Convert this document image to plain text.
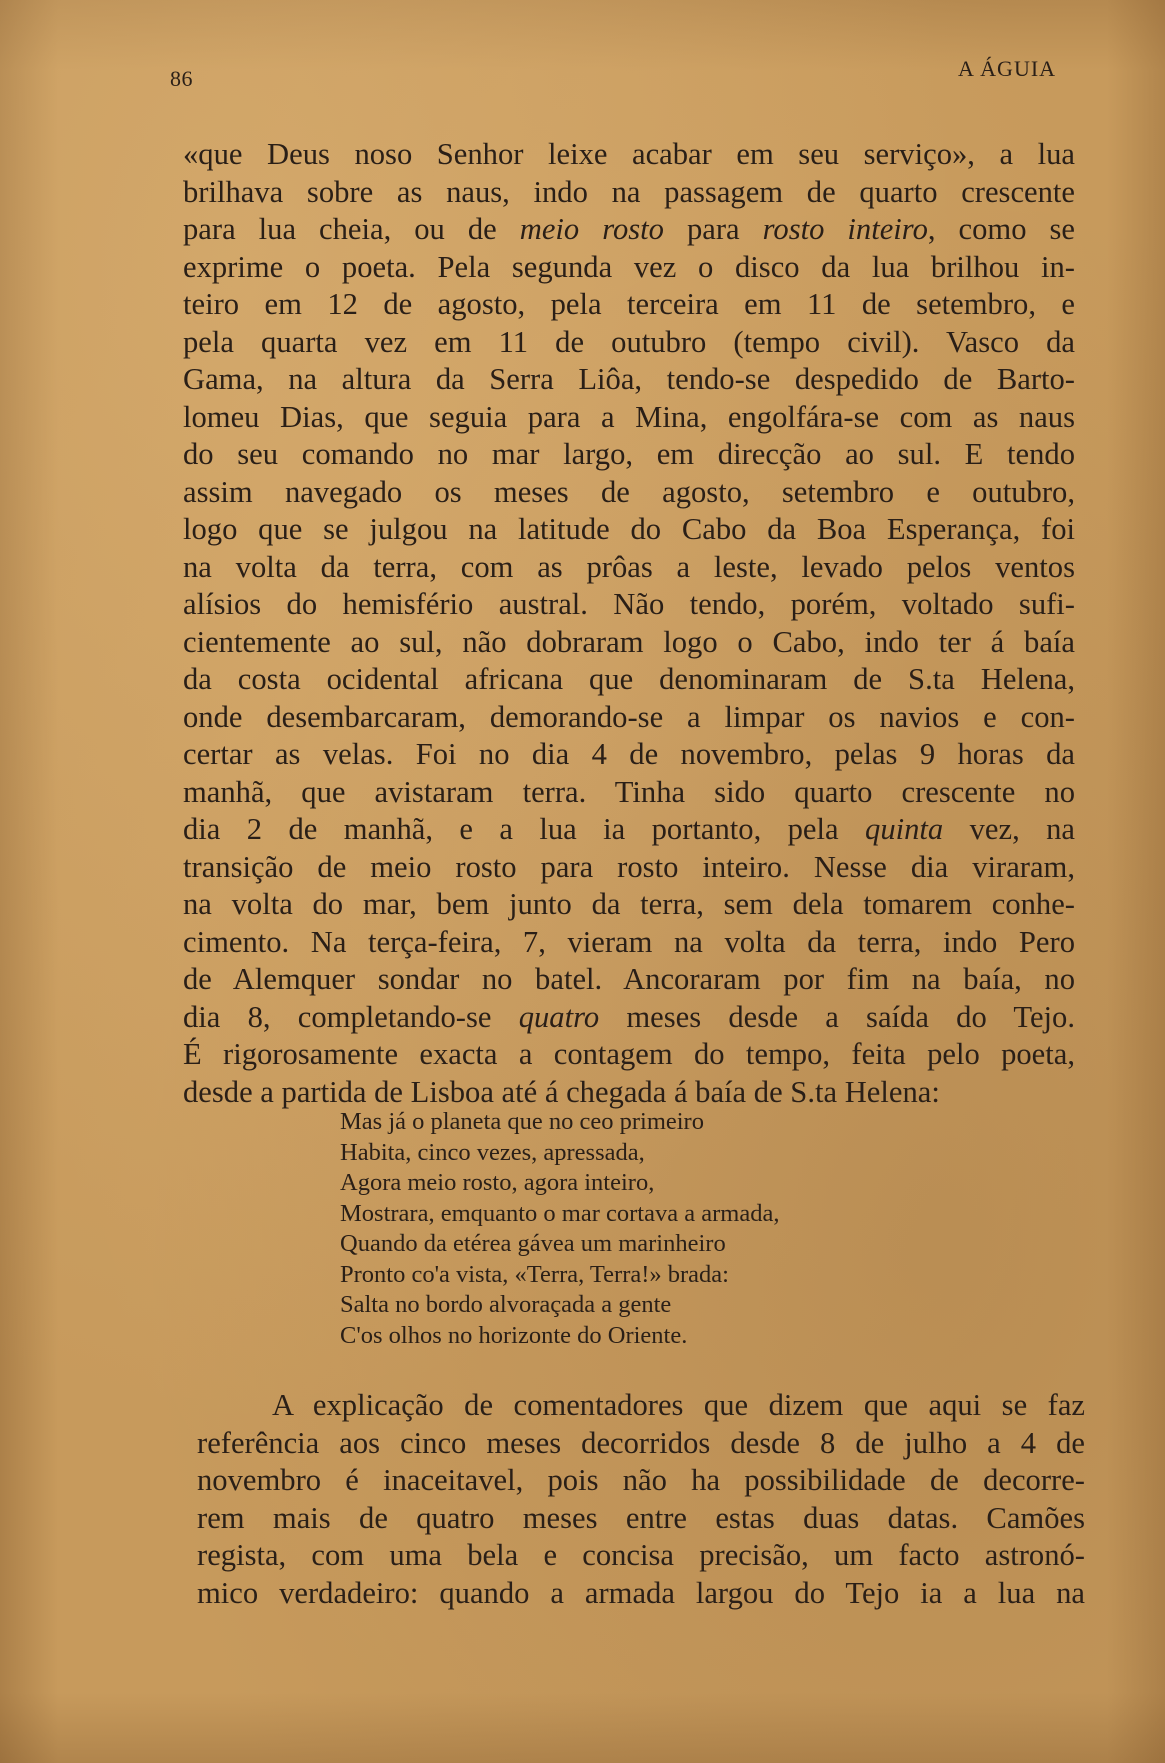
86	A ÁGUIA
«que Deus noso Senhor leixe acabar em seu serviço», a lua
brilhava sobre as naus, indo na passagem de quarto crescente
para lua cheia, ou de meio rosto para rosto inteiro, como se
exprime o poeta. Pela segunda vez o disco da lua brilhou in-
teiro em 12 de agosto, pela terceira em 11 de setembro, e
pela quarta vez em 11 de outubro (tempo civil). Vasco da
Gama, na altura da Serra Liôa, tendo-se despedido de Barto-
lomeu Dias, que seguia para a Mina, engolfára-se com as naus
do seu comando no mar largo, em direcção ao sul. E tendo
assim navegado os meses de agosto, setembro e outubro,
logo que se julgou na latitude do Cabo da Boa Esperança, foi
na volta da terra, com as prôas a leste, levado pelos ventos
alísios do hemisfério austral. Não tendo, porém, voltado sufi-
cientemente ao sul, não dobraram logo o Cabo, indo ter á baía
da costa ocidental africana que denominaram de S.ta Helena,
onde desembarcaram, demorando-se a limpar os navios e con-
certar as velas. Foi no dia 4 de novembro, pelas 9 horas da
manhã, que avistaram terra. Tinha sido quarto crescente no
dia 2 de manhã, e a lua ia portanto, pela quinta vez, na
transição de meio rosto para rosto inteiro. Nesse dia viraram,
na volta do mar, bem junto da terra, sem dela tomarem conhe-
cimento. Na terça-feira, 7, vieram na volta da terra, indo Pero
de Alemquer sondar no batel. Ancoraram por fim na baía, no
dia 8, completando-se quatro meses desde a saída do Tejo.
É rigorosamente exacta a contagem do tempo, feita pelo poeta,
desde a partida de Lisboa até á chegada á baía de S.ta Helena:
Mas já o planeta que no ceo primeiro
Habita, cinco vezes, apressada,
Agora meio rosto, agora inteiro,
Mostrara, emquanto o mar cortava a armada,
Quando da etérea gávea um marinheiro
Pronto co'a vista, «Terra, Terra!» brada:
Salta no bordo alvoraçada a gente
C'os olhos no horizonte do Oriente.
A explicação de comentadores que dizem que aqui se faz
referência aos cinco meses decorridos desde 8 de julho a 4 de
novembro é inaceitavel, pois não ha possibilidade de decorre-
rem mais de quatro meses entre estas duas datas. Camões
regista, com uma bela e concisa precisão, um facto astronó-
mico verdadeiro: quando a armada largou do Tejo ia a lua na
